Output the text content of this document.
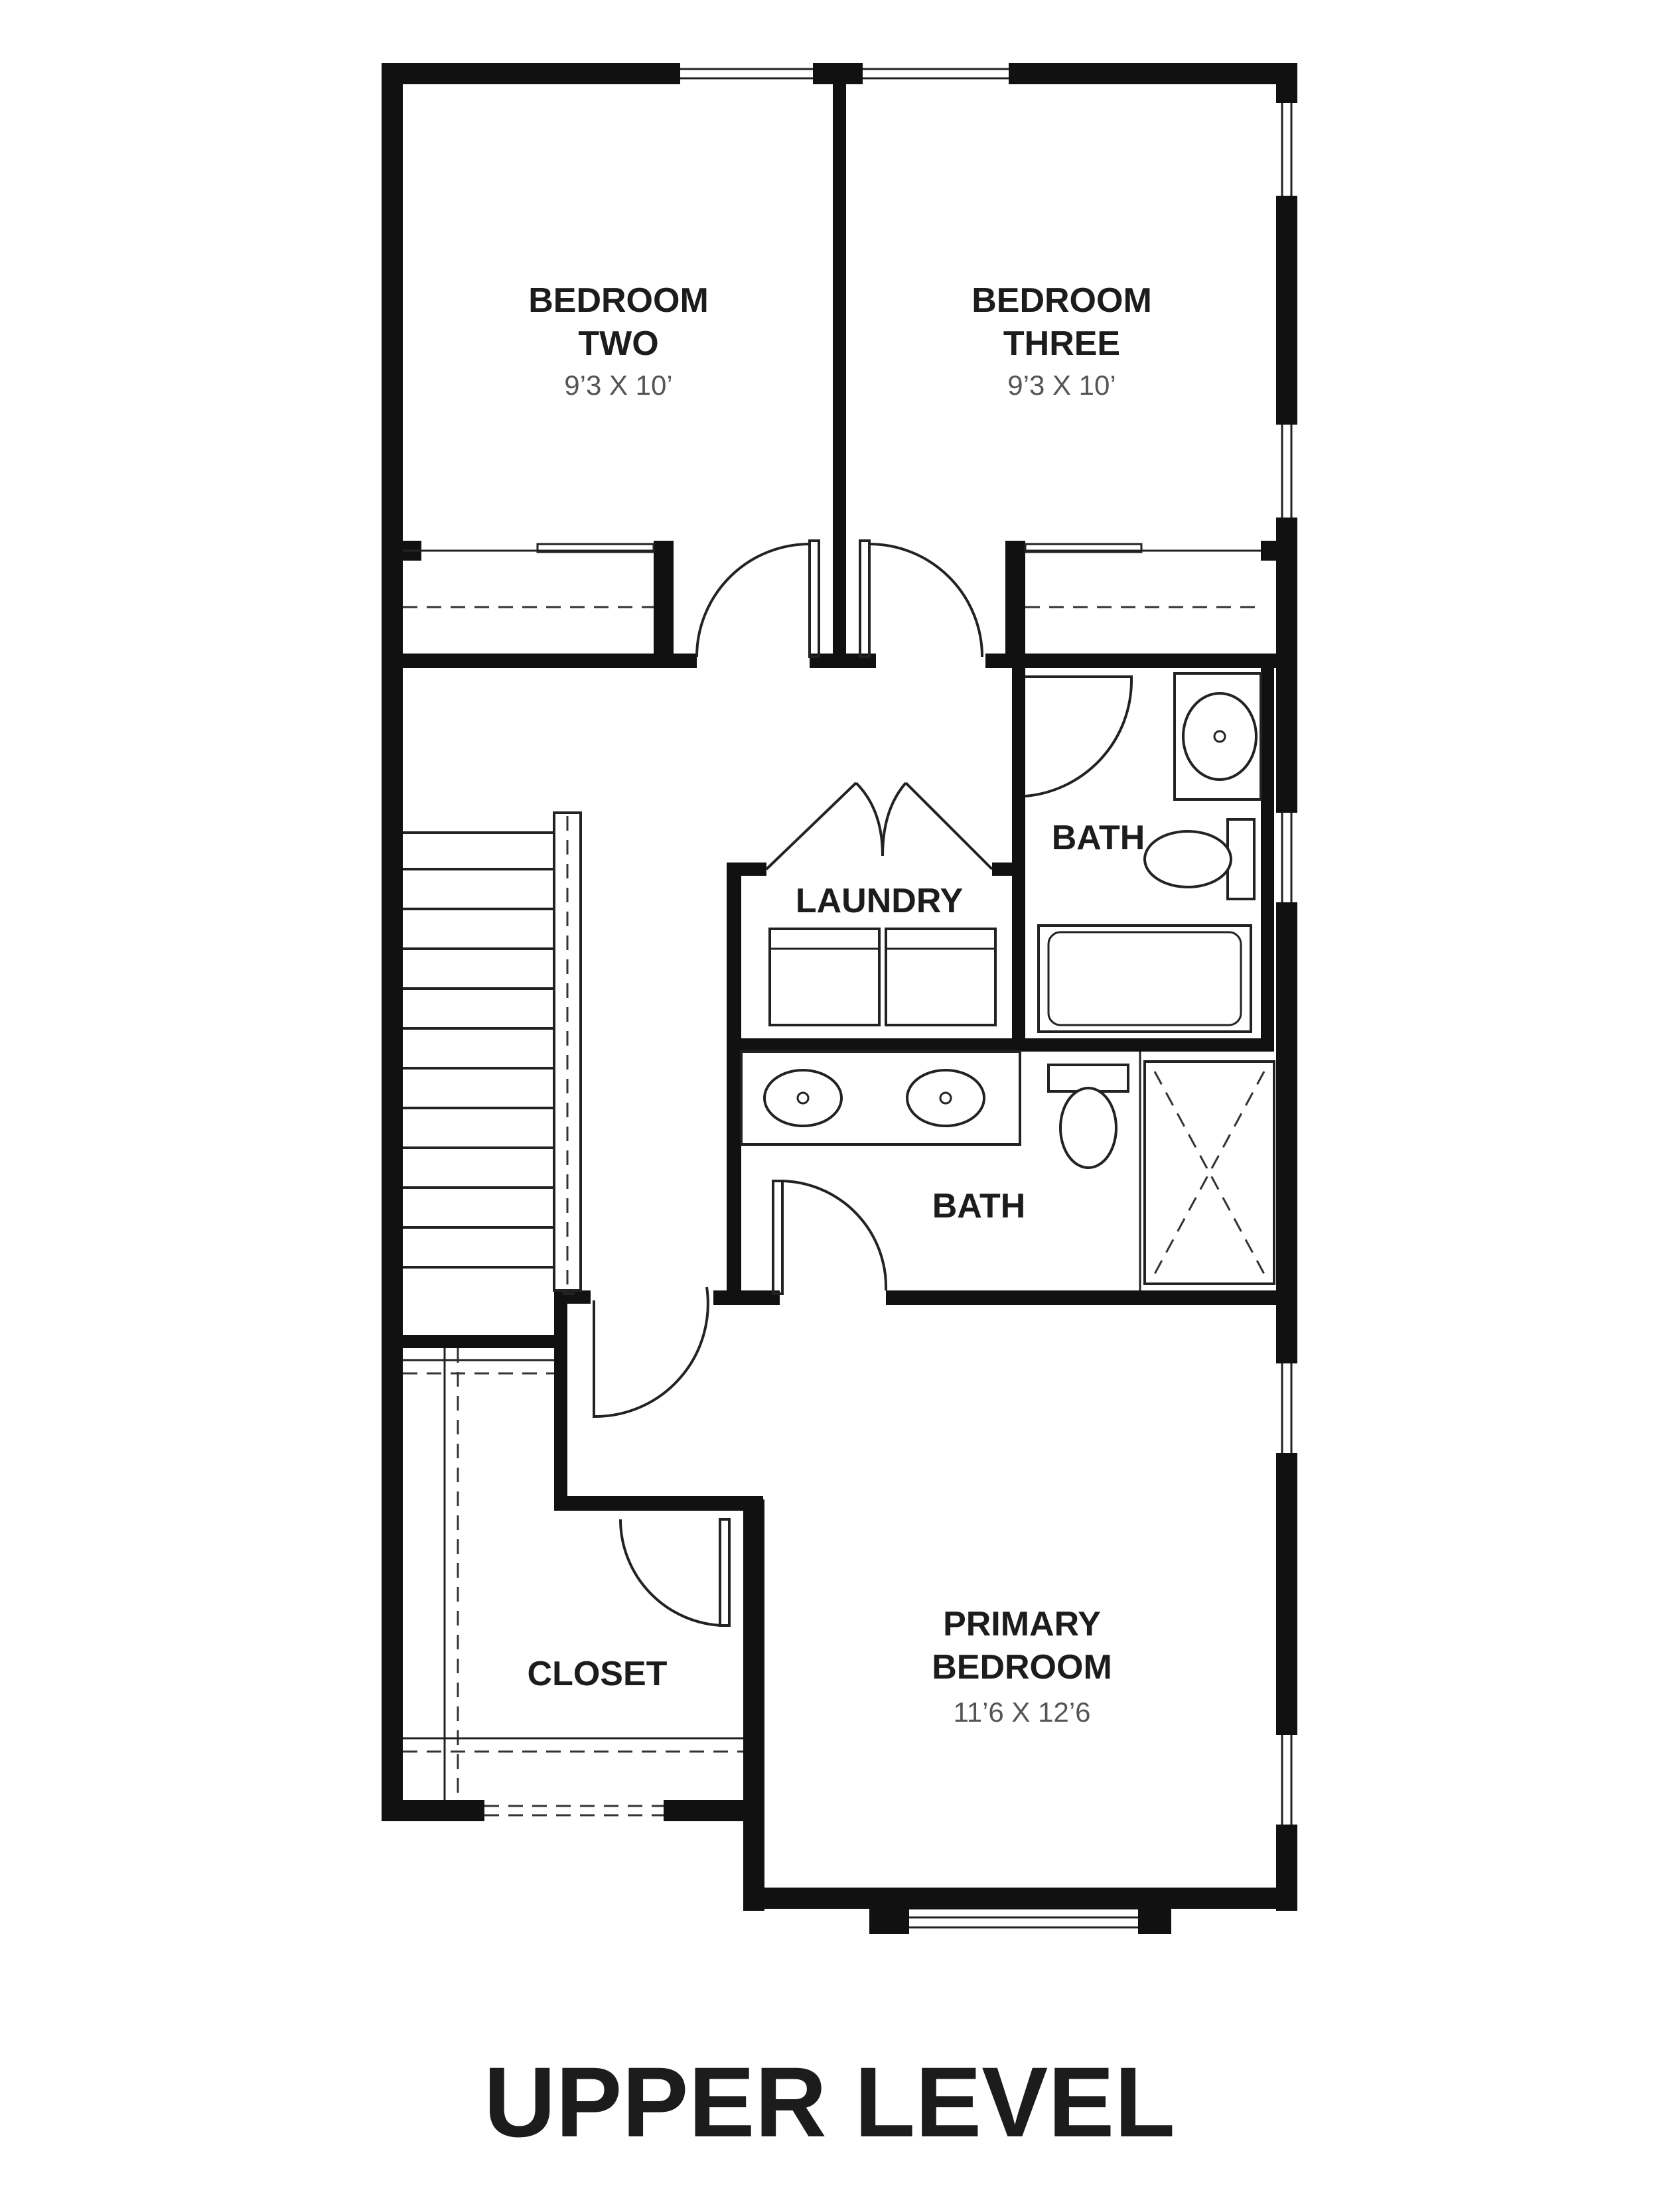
BEDROOM
TWO
9’3 X 10’
BEDROOM
THREE
9’3 X 10’
BATH
LAUNDRY
BATH
CLOSET
PRIMARY
BEDROOM
11’6 X 12’6
UPPER LEVEL
